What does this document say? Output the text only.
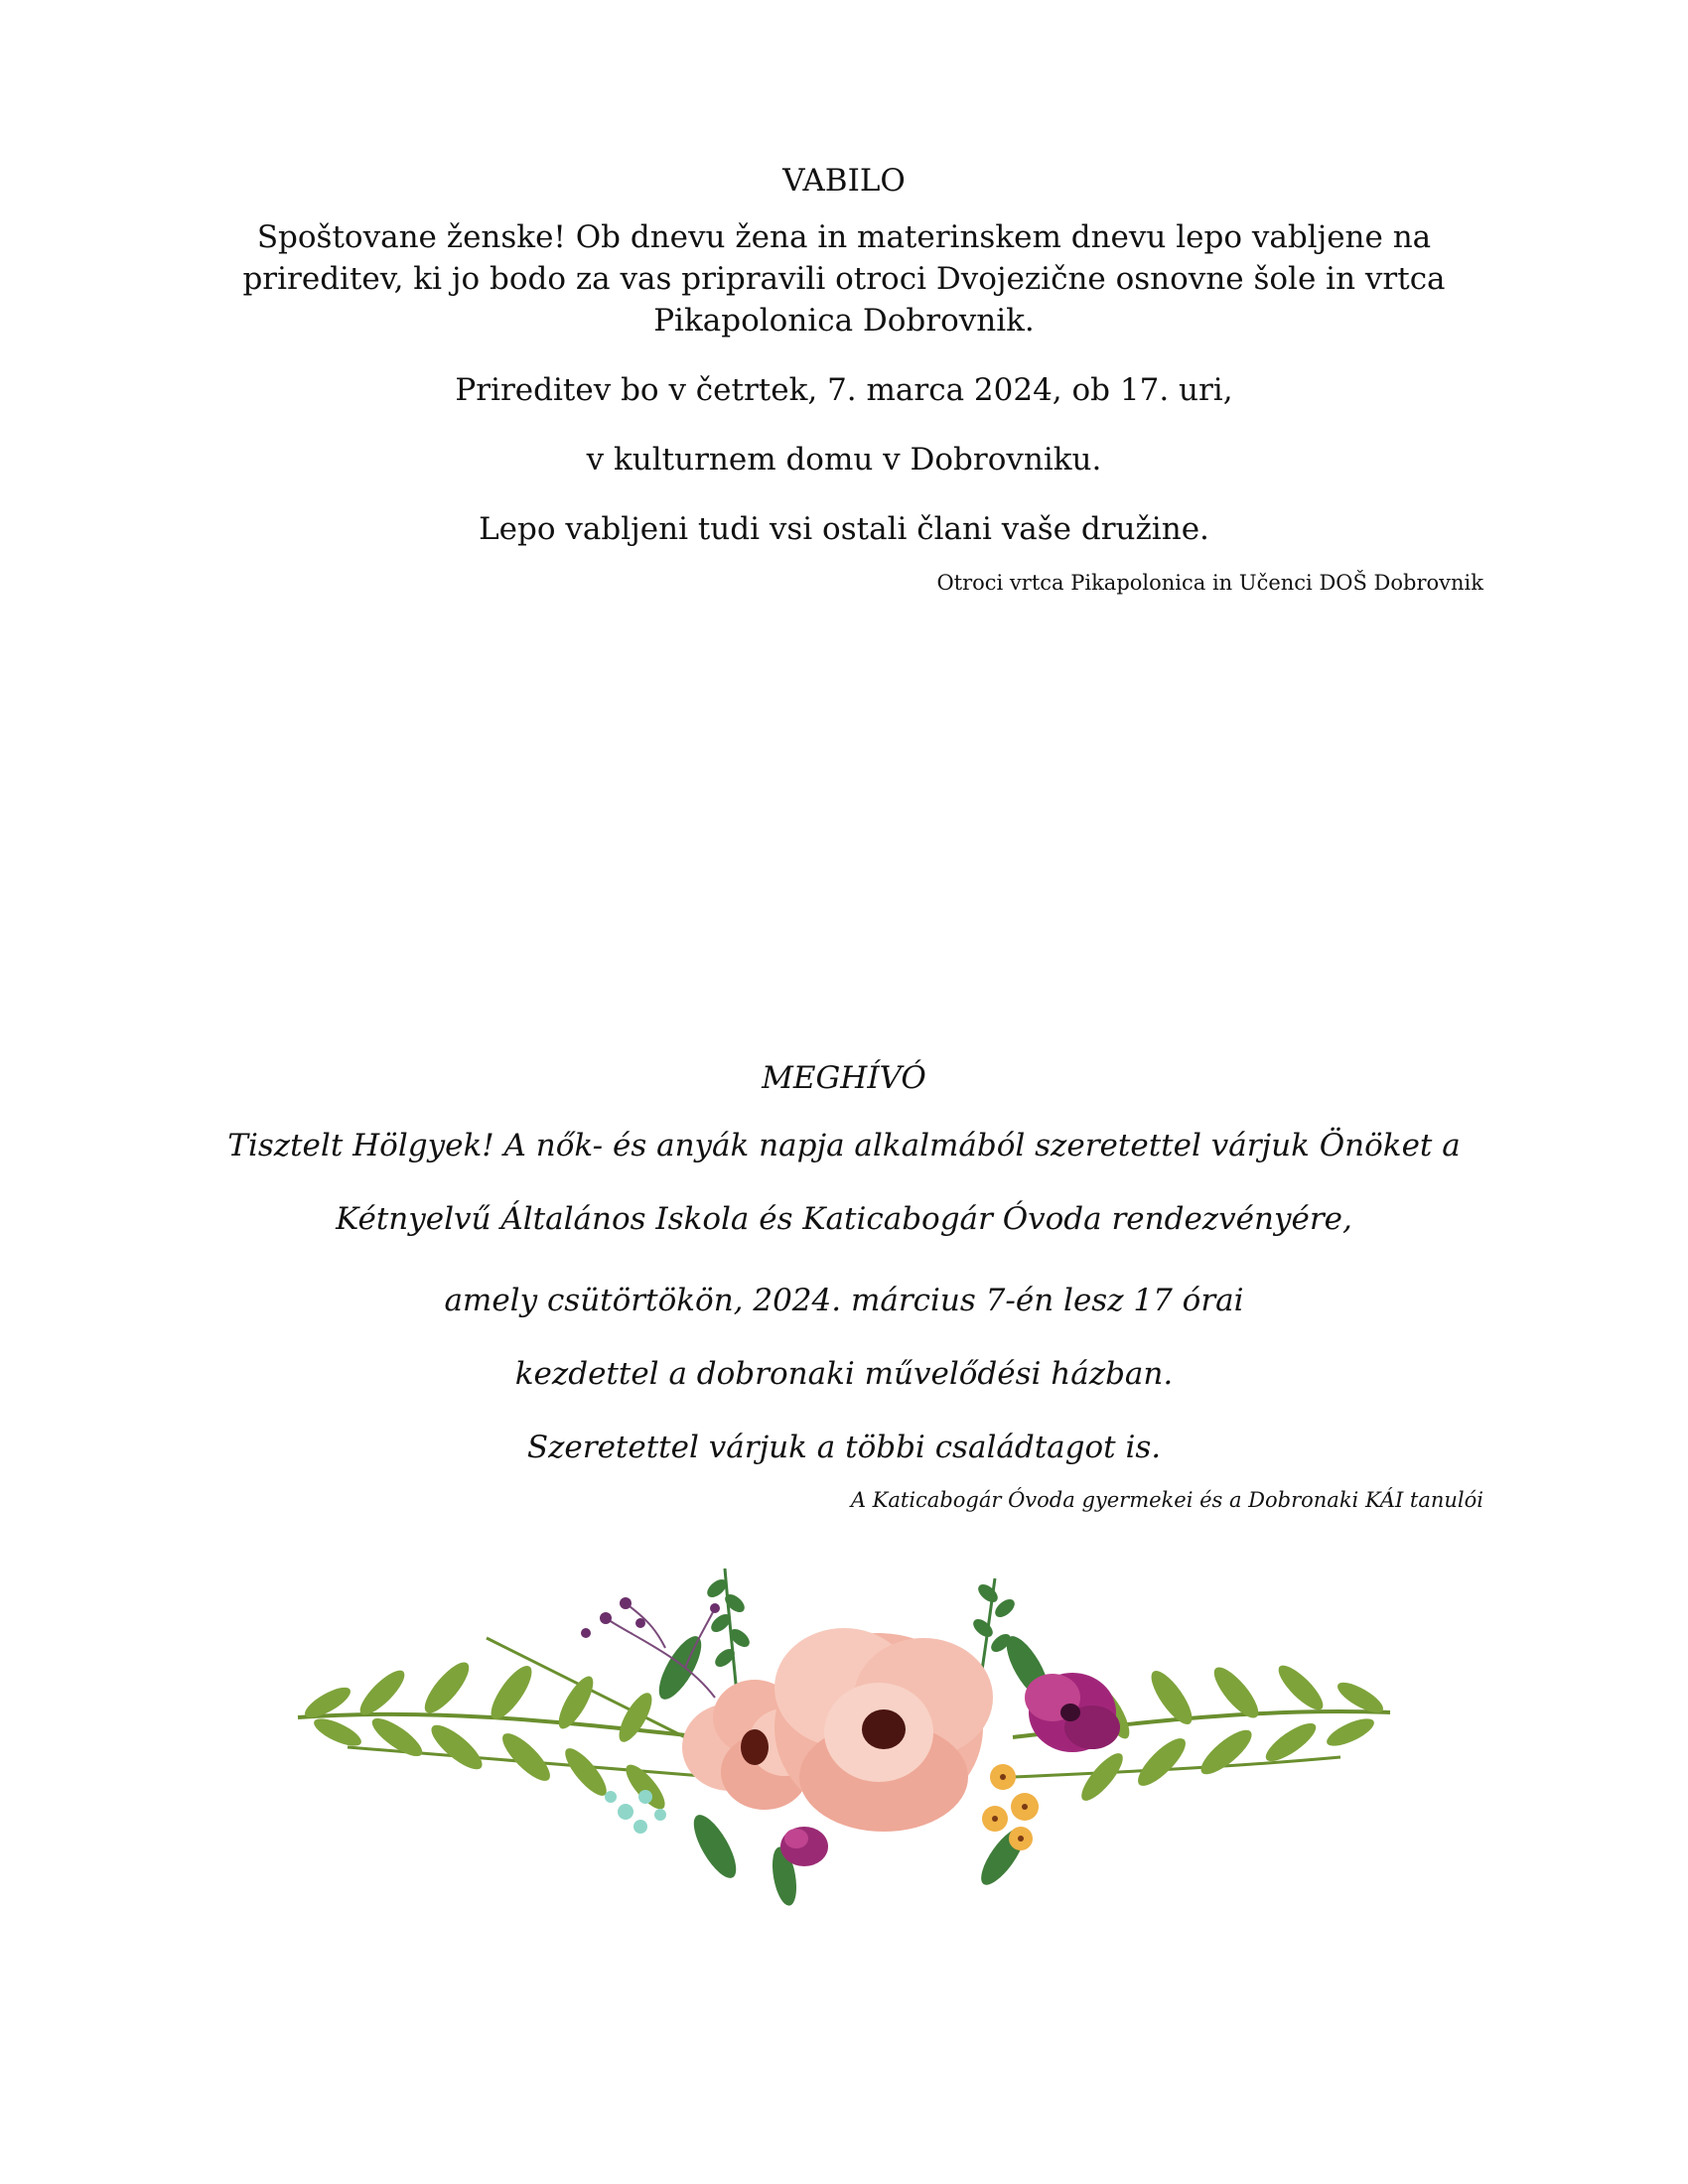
VABILO
Spoštovane ženske! Ob dnevu žena in materinskem dnevu lepo vabljene na prireditev, ki jo bodo za vas pripravili otroci Dvojezične osnovne šole in vrtca Pikapolonica Dobrovnik.
Prireditev bo v četrtek, 7. marca 2024, ob 17. uri,
v kulturnem domu v Dobrovniku.
Lepo vabljeni tudi vsi ostali člani vaše družine.
Otroci vrtca Pikapolonica in Učenci DOŠ Dobrovnik
MEGHÍVÓ
Tisztelt Hölgyek! A nők- és anyák napja alkalmából szeretettel várjuk Önöket a
Kétnyelvű Általános Iskola és Katicabogár Óvoda rendezvényére,
amely csütörtökön, 2024. március 7-én lesz 17 órai
kezdettel a dobronaki művelődési házban.
Szeretettel várjuk a többi családtagot is.
A Katicabogár Óvoda gyermekei és a Dobronaki KÁI tanulói
